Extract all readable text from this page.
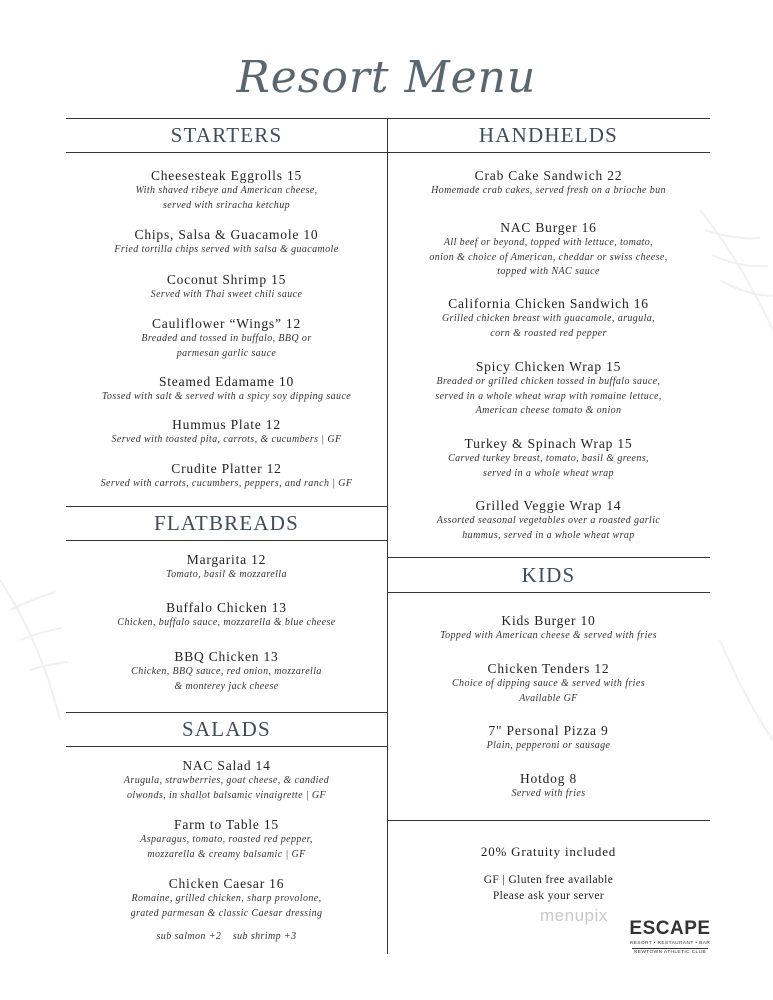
Resort Menu
STARTERS	HANDHELDS
FLATBREADS
SALADS
KIDS
Cheesesteak Eggrolls 15
With shaved ribeye and American cheese,
served with sriracha ketchup
Chips, Salsa & Guacamole 10
Fried tortilla chips served with salsa & guacamole
Coconut Shrimp 15
Served with Thai sweet chili sauce
Cauliflower “Wings” 12
Breaded and tossed in buffalo, BBQ or
parmesan garlic sauce
Steamed Edamame 10
Tossed with salt & served with a spicy soy dipping sauce
Hummus Plate 12
Served with toasted pita, carrots, & cucumbers | GF
Crudite Platter 12
Served with carrots, cucumbers, peppers, and ranch | GF
Margarita 12
Tomato, basil & mozzarella
Buffalo Chicken 13
Chicken, buffalo sauce, mozzarella & blue cheese
BBQ Chicken 13
Chicken, BBQ sauce, red onion, mozzarella
& monterey jack cheese
NAC Salad 14
Arugula, strawberries, goat cheese, & candied
olwonds, in shallot balsamic vinaigrette | GF
Farm to Table 15
Asparagus, tomato, roasted red pepper,
mozzarella & creamy balsamic | GF
Chicken Caesar 16
Romaine, grilled chicken, sharp provolone,
grated parmesan & classic Caesar dressing
sub salmon +2    sub shrimp +3
Crab Cake Sandwich 22
Homemade crab cakes, served fresh on a brioche bun
NAC Burger 16
All beef or beyond, topped with lettuce, tomato,
onion & choice of American, cheddar or swiss cheese,
topped with NAC sauce
California Chicken Sandwich 16
Grilled chicken breast with guacamole, arugula,
corn & roasted red pepper
Spicy Chicken Wrap 15
Breaded or grilled chicken tossed in buffalo sauce,
served in a whole wheat wrap with romaine lettuce,
American cheese tomato & onion
Turkey & Spinach Wrap 15
Carved turkey breast, tomato, basil & greens,
served in a whole wheat wrap
Grilled Veggie Wrap 14
Assorted seasonal vegetables over a roasted garlic
hummus, served in a whole wheat wrap
Kids Burger 10
Topped with American cheese & served with fries
Chicken Tenders 12
Choice of dipping sauce & served with fries
Available GF
7" Personal Pizza 9
Plain, pepperoni or sausage
Hotdog 8
Served with fries
20% Gratuity included
GF | Gluten free available
Please ask your server
menupix
ESCAPE
RESORT • RESTAURANT • BAR
NEWTOWN ATHLETIC CLUB
